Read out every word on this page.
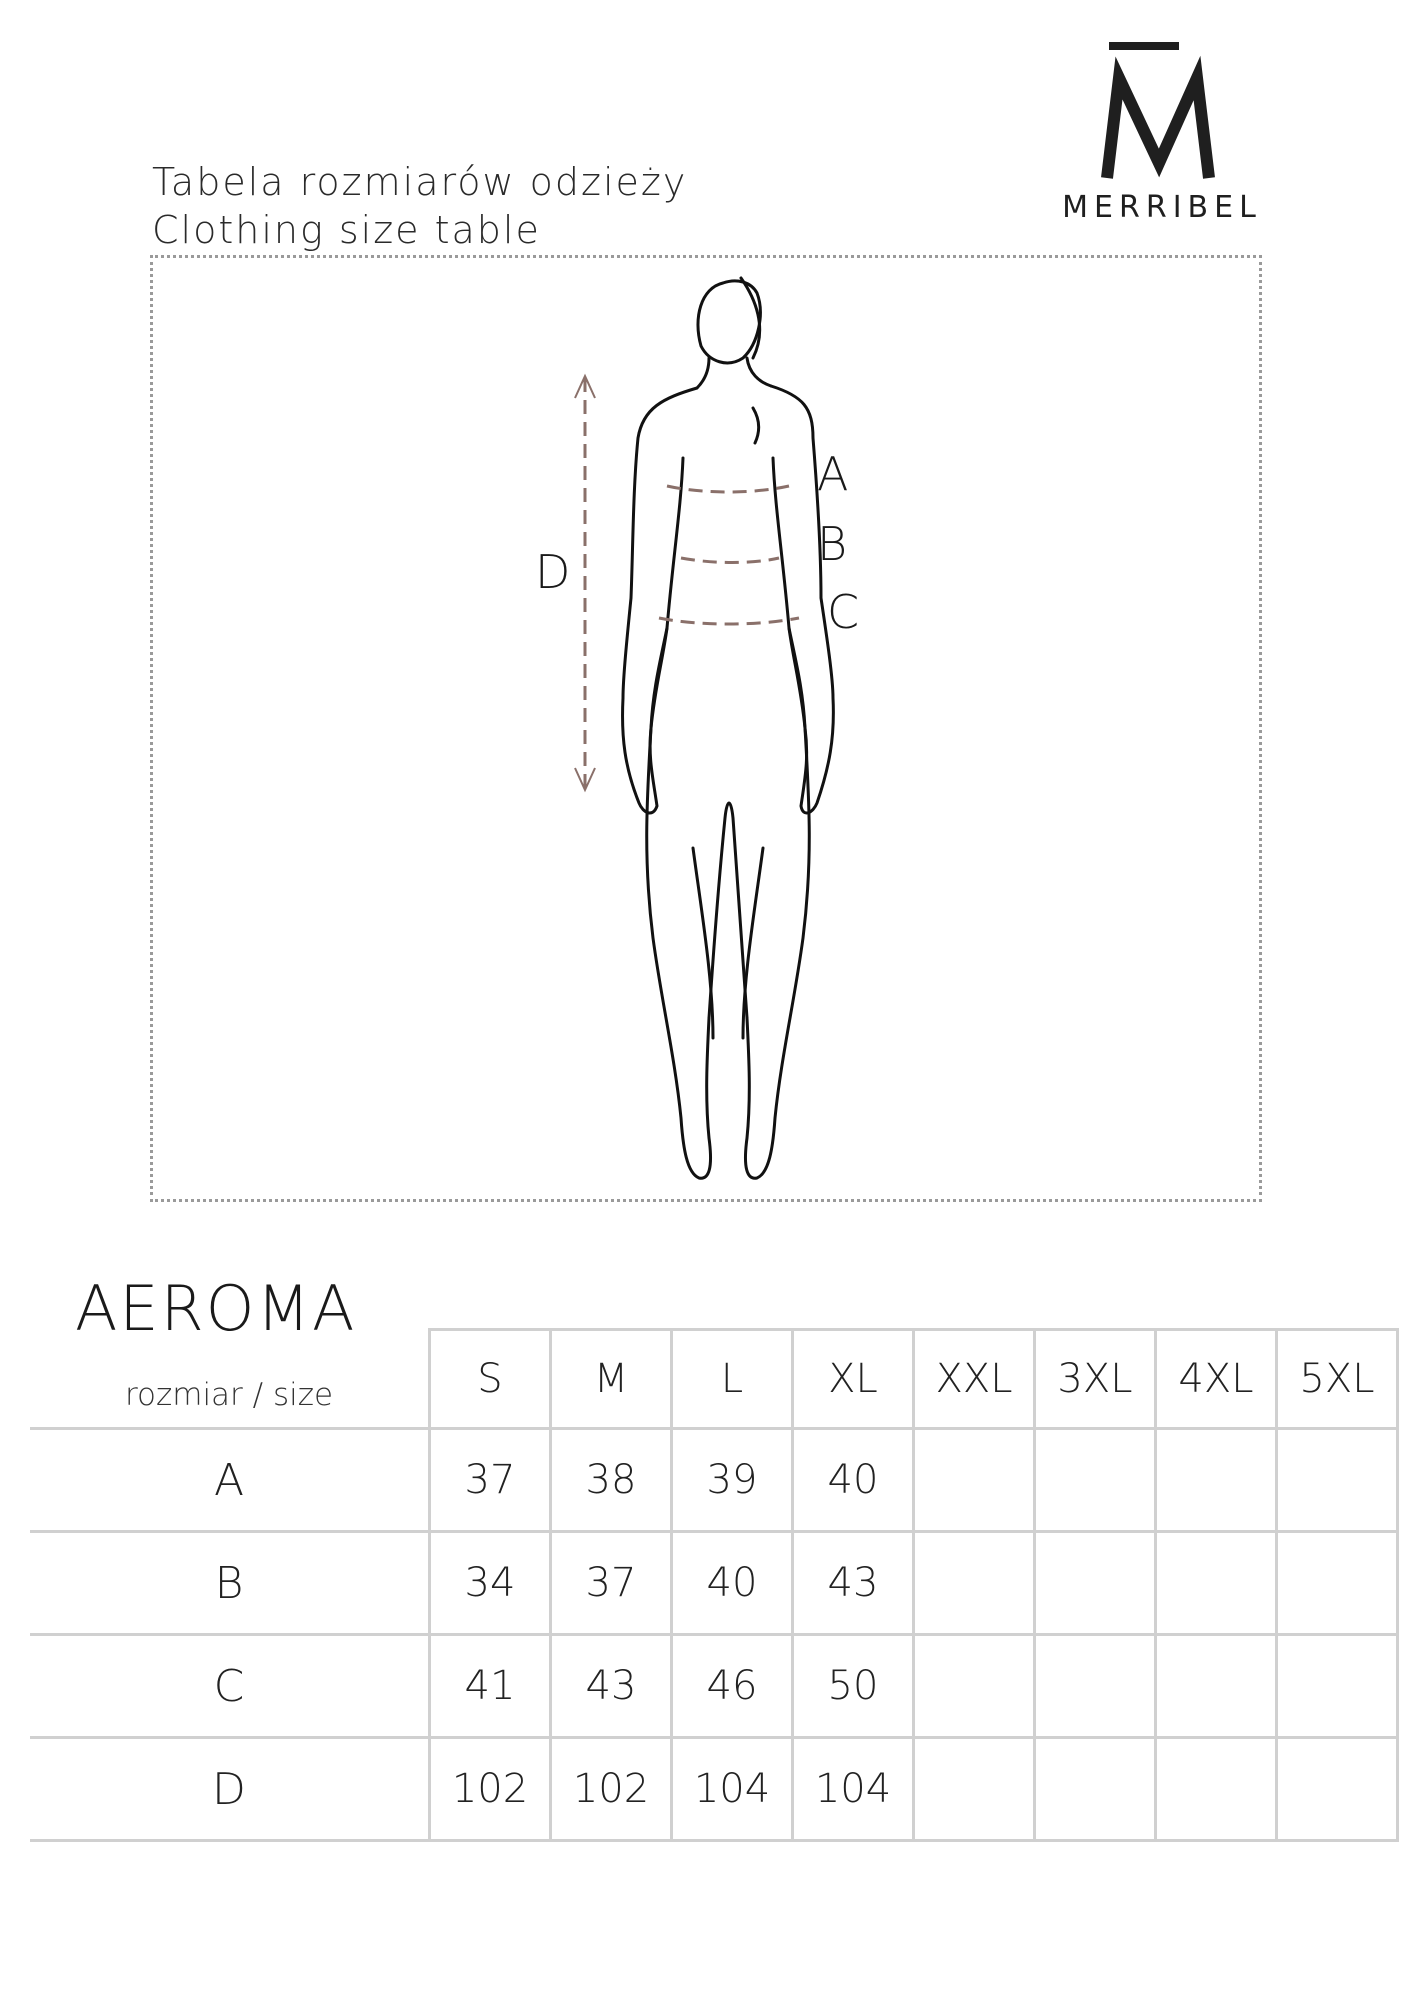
Tabela rozmiarów odzieży
Clothing size table
MERRIBEL
A
B
C
D
AEROMA
rozmiar / size	S	M	L	XL	XXL	3XL	4XL	5XL
A	37	38	39	40				
B	34	37	40	43				
C	41	43	46	50				
D	102	102	104	104				
